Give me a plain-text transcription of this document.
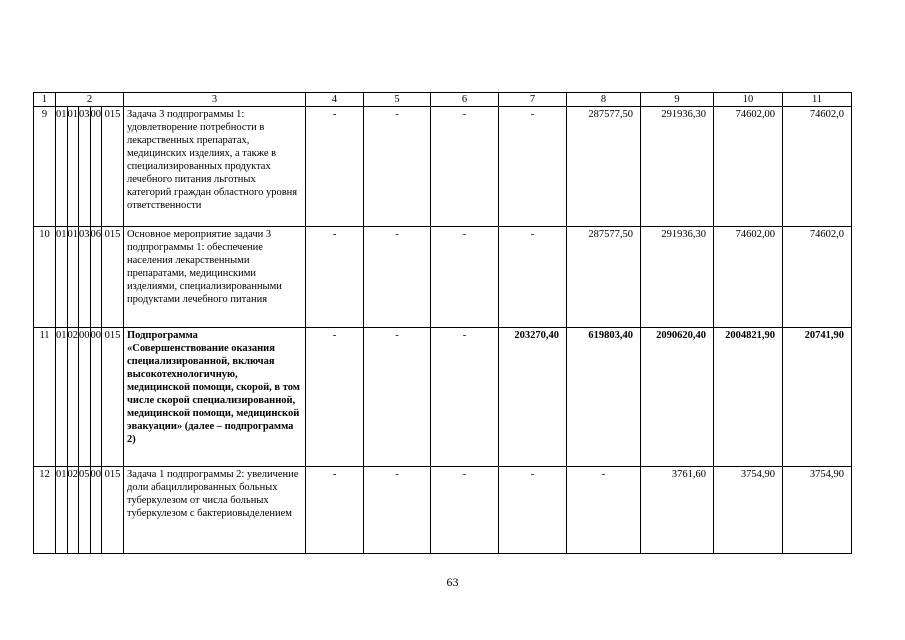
1	2					3	4	5	6	7	8	9	10	11
9	01	01	03	00	015	Задача 3 подпрограммы 1: удовлетворение потребности в лекарственных препаратах, медицинских изделиях, а также в специализированных продуктах лечебного питания льготных категорий граждан областного уровня ответственности	-	-	-	-	287577,50	291936,30	74602,00	74602,0
10	01	01	03	06	015	Основное мероприятие задачи 3 подпрограммы 1: обеспечение населения лекарственными препаратами, медицинскими изделиями, специализированными продуктами лечебного питания	-	-	-	-	287577,50	291936,30	74602,00	74602,0
11	01	02	00	00	015	Подпрограмма «Совершенствование оказания специализированной, включая высокотехнологичную, медицинской помощи, скорой, в том числе скорой специализированной, медицинской помощи, медицинской эвакуации» (далее – подпрограмма 2)	-	-	-	203270,40	619803,40	2090620,40	2004821,90	20741,90
12	01	02	05	00	015	Задача 1 подпрограммы 2: увеличение доли абациллированных больных туберкулезом от числа больных туберкулезом с бактериовыделением	-	-	-	-	-	3761,60	3754,90	3754,90
63
